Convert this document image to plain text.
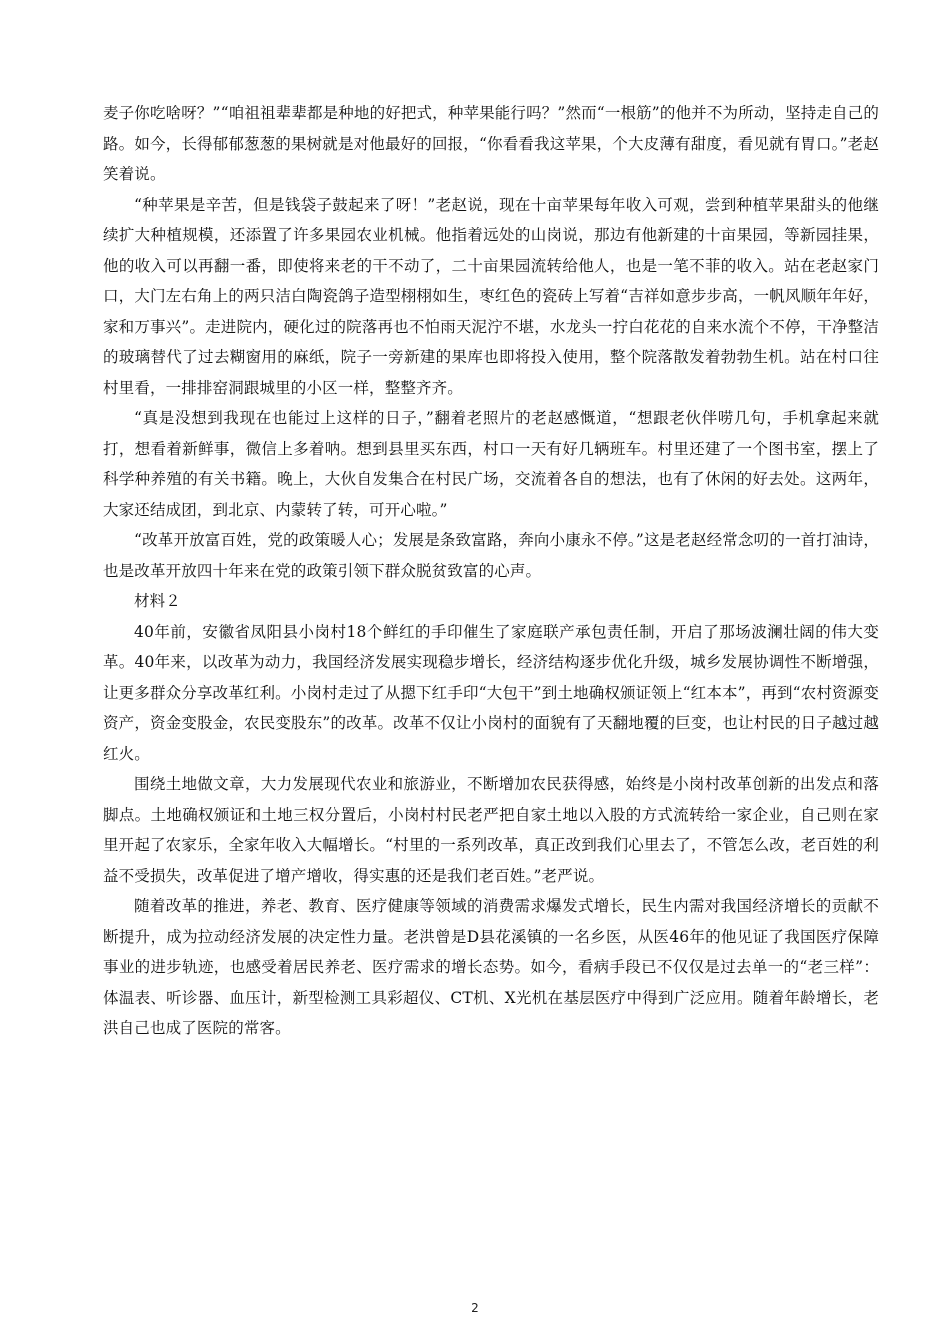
麦子你吃啥呀？”“咱祖祖辈辈都是种地的好把式，种苹果能行吗？”然而“一根筋”的他并不为所动，坚持走自己的路。如今，长得郁郁葱葱的果树就是对他最好的回报，“你看看我这苹果，个大皮薄有甜度，看见就有胃口。”老赵笑着说。

“种苹果是辛苦，但是钱袋子鼓起来了呀！”老赵说，现在十亩苹果每年收入可观，尝到种植苹果甜头的他继续扩大种植规模，还添置了许多果园农业机械。他指着远处的山岗说，那边有他新建的十亩果园，等新园挂果，他的收入可以再翻一番，即使将来老的干不动了，二十亩果园流转给他人，也是一笔不菲的收入。站在老赵家门口，大门左右角上的两只洁白陶瓷鸽子造型栩栩如生，枣红色的瓷砖上写着“吉祥如意步步高，一帆风顺年年好，家和万事兴”。走进院内，硬化过的院落再也不怕雨天泥泞不堪，水龙头一拧白花花的自来水流个不停，干净整洁的玻璃替代了过去糊窗用的麻纸，院子一旁新建的果库也即将投入使用，整个院落散发着勃勃生机。站在村口往村里看，一排排窑洞跟城里的小区一样，整整齐齐。

“真是没想到我现在也能过上这样的日子，”翻着老照片的老赵感慨道，“想跟老伙伴唠几句，手机拿起来就打，想看着新鲜事，微信上多着呐。想到县里买东西，村口一天有好几辆班车。村里还建了一个图书室，摆上了科学种养殖的有关书籍。晚上，大伙自发集合在村民广场，交流着各自的想法，也有了休闲的好去处。这两年，大家还结成团，到北京、内蒙转了转，可开心啦。”

“改革开放富百姓，党的政策暖人心；发展是条致富路，奔向小康永不停。”这是老赵经常念叨的一首打油诗，也是改革开放四十年来在党的政策引领下群众脱贫致富的心声。

材料２

40年前，安徽省凤阳县小岗村18个鲜红的手印催生了家庭联产承包责任制，开启了那场波澜壮阔的伟大变革。40年来，以改革为动力，我国经济发展实现稳步增长，经济结构逐步优化升级，城乡发展协调性不断增强，让更多群众分享改革红利。小岗村走过了从摁下红手印“大包干”到土地确权颁证领上“红本本”，再到“农村资源变资产，资金变股金，农民变股东”的改革。改革不仅让小岗村的面貌有了天翻地覆的巨变，也让村民的日子越过越红火。

围绕土地做文章，大力发展现代农业和旅游业，不断增加农民获得感，始终是小岗村改革创新的出发点和落脚点。土地确权颁证和土地三权分置后，小岗村村民老严把自家土地以入股的方式流转给一家企业，自己则在家里开起了农家乐，全家年收入大幅增长。“村里的一系列改革，真正改到我们心里去了，不管怎么改，老百姓的利益不受损失，改革促进了增产增收，得实惠的还是我们老百姓。”老严说。

随着改革的推进，养老、教育、医疗健康等领域的消费需求爆发式增长，民生内需对我国经济增长的贡献不断提升，成为拉动经济发展的决定性力量。老洪曾是D县花溪镇的一名乡医，从医46年的他见证了我国医疗保障事业的进步轨迹，也感受着居民养老、医疗需求的增长态势。如今，看病手段已不仅仅是过去单一的“老三样”：体温表、听诊器、血压计，新型检测工具彩超仪、CT机、X光机在基层医疗中得到广泛应用。随着年龄增长，老洪自己也成了医院的常客。

2
